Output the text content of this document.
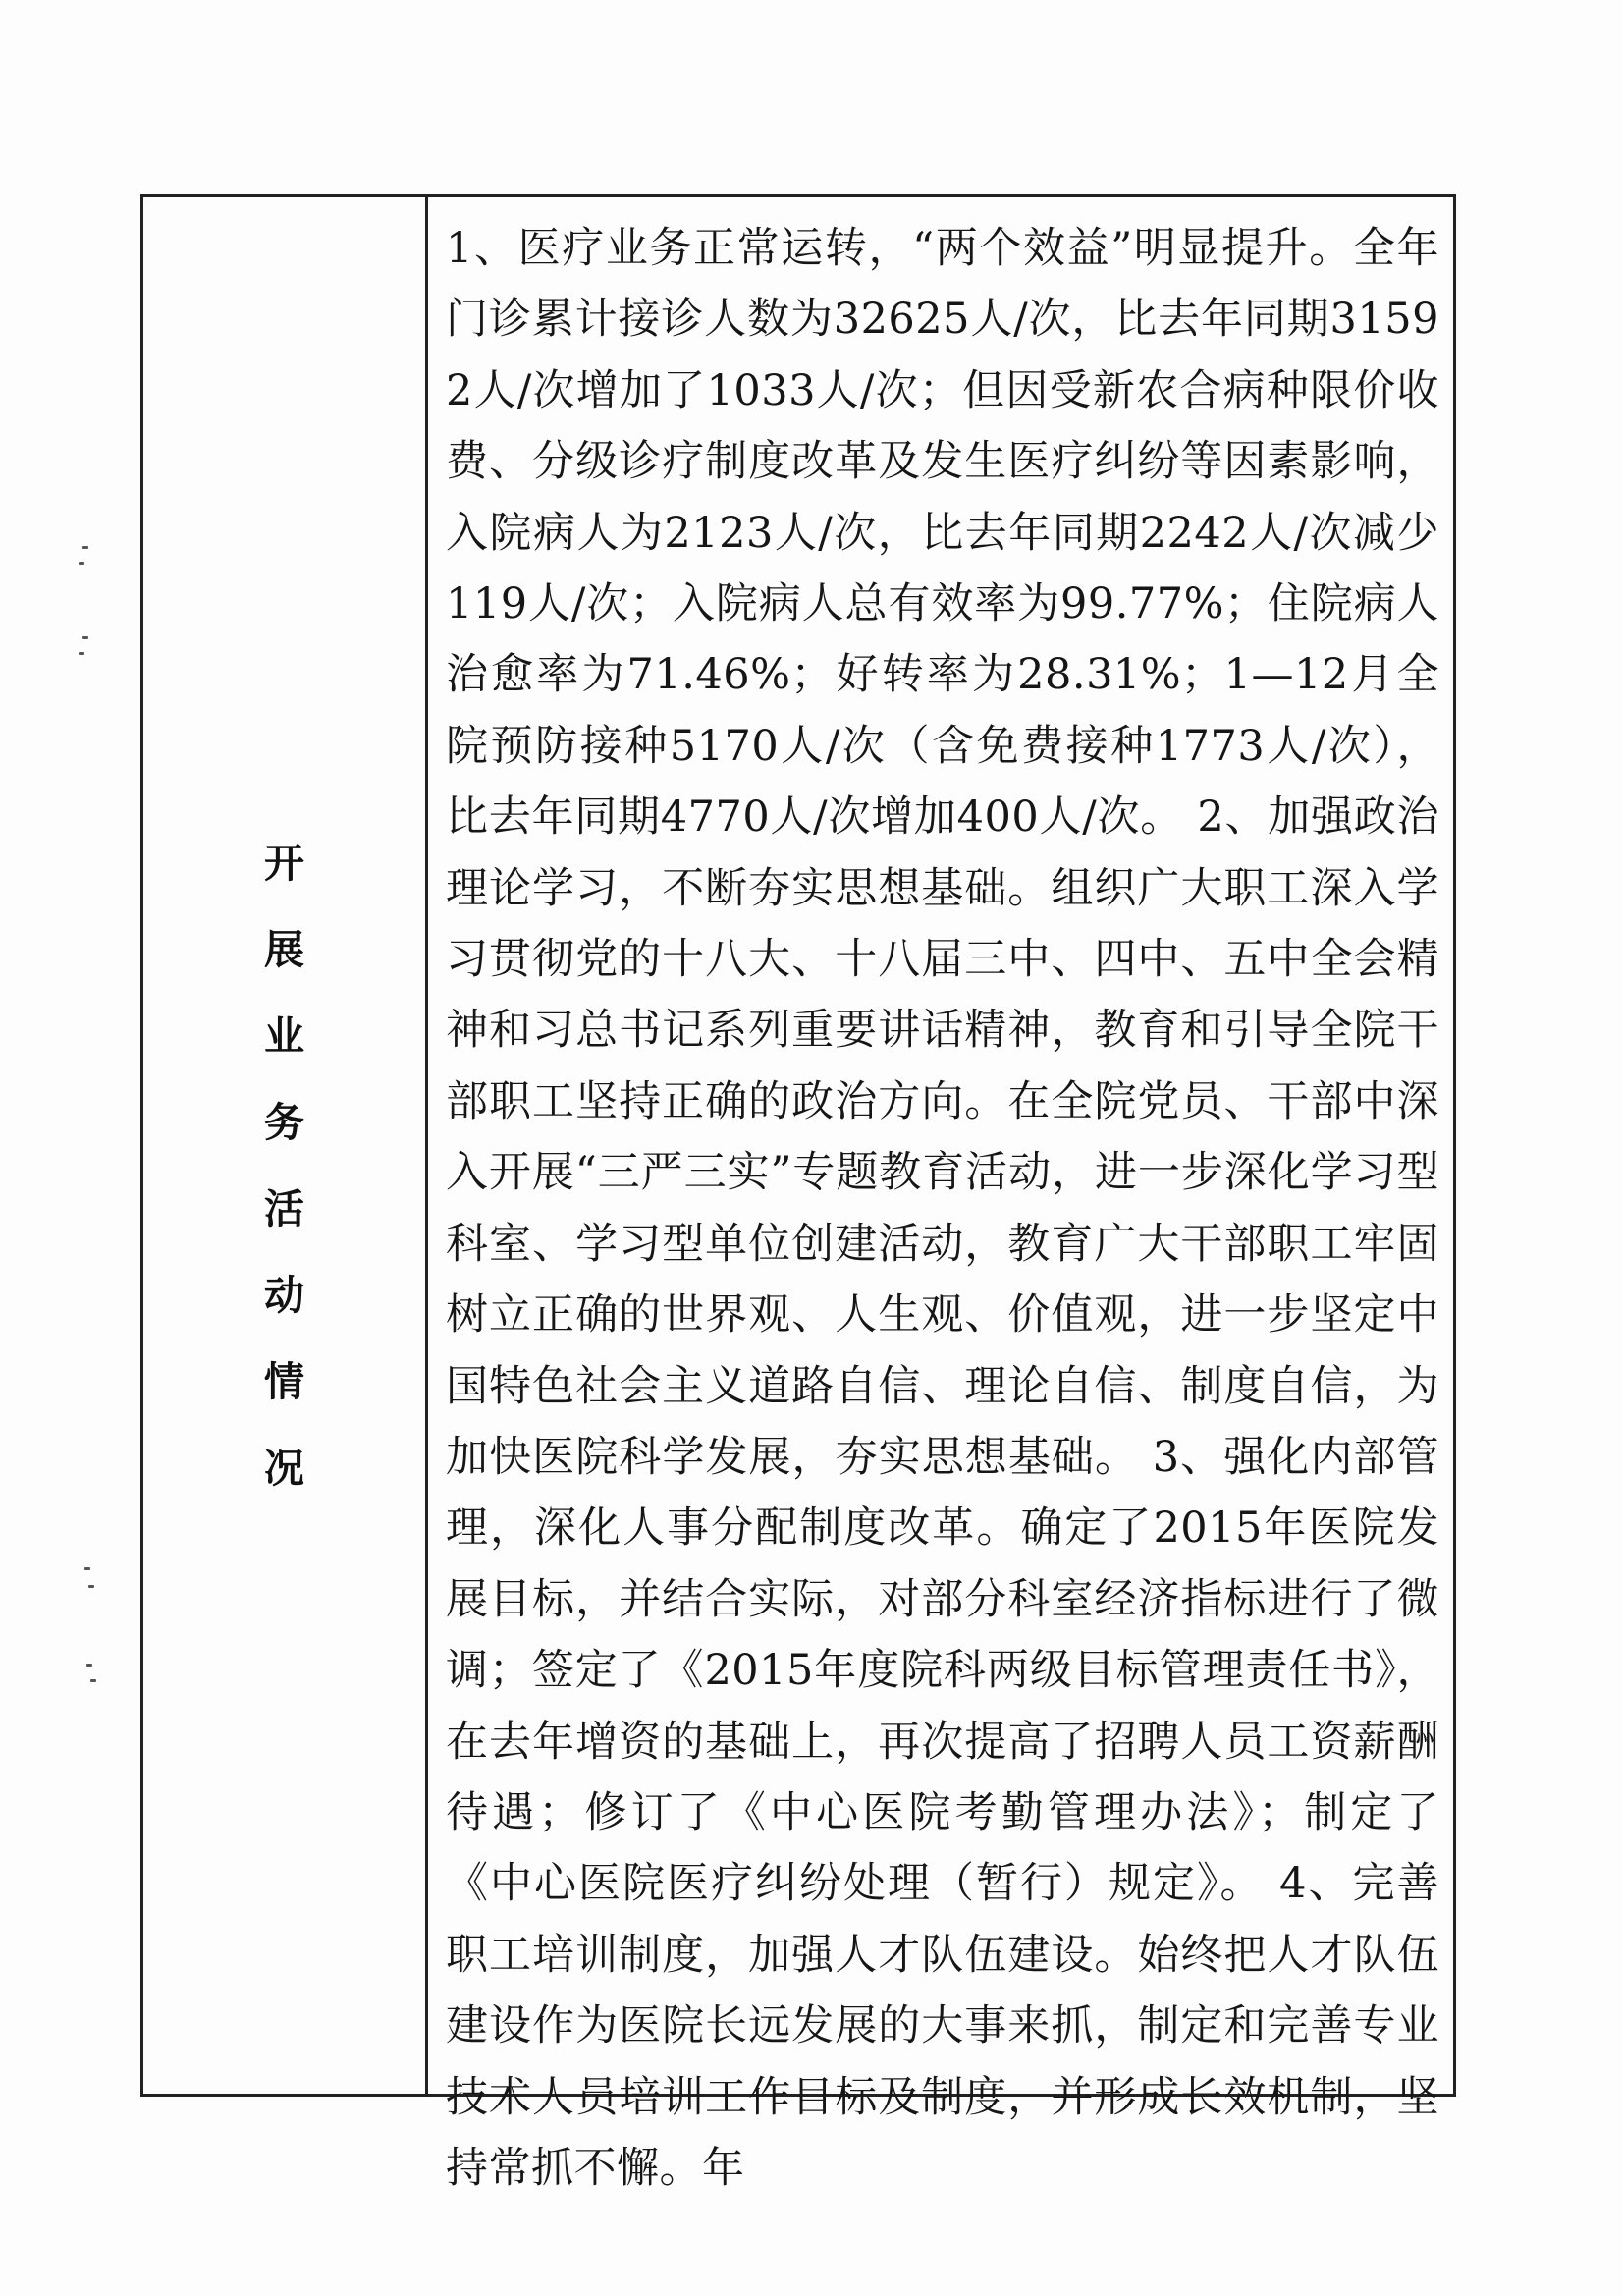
开
展
业
务
活
动
情
况

1、医疗业务正常运转，“两个效益”明显提升。全年门诊累计接诊人数为32625人/次，比去年同期31592人/次增加了1033人/次；但因受新农合病种限价收费、分级诊疗制度改革及发生医疗纠纷等因素影响，入院病人为2123人/次，比去年同期2242人/次减少119人/次；入院病人总有效率为99.77%；住院病人治愈率为71.46%；好转率为28.31%；1—12月全院预防接种5170人/次（含免费接种1773人/次），比去年同期4770人/次增加400人/次。 2、加强政治理论学习，不断夯实思想基础。组织广大职工深入学习贯彻党的十八大、十八届三中、四中、五中全会精神和习总书记系列重要讲话精神，教育和引导全院干部职工坚持正确的政治方向。在全院党员、干部中深入开展“三严三实”专题教育活动，进一步深化学习型科室、学习型单位创建活动，教育广大干部职工牢固树立正确的世界观、人生观、价值观，进一步坚定中国特色社会主义道路自信、理论自信、制度自信，为加快医院科学发展，夯实思想基础。 3、强化内部管理，深化人事分配制度改革。确定了2015年医院发展目标，并结合实际，对部分科室经济指标进行了微调；签定了《2015年度院科两级目标管理责任书》，在去年增资的基础上，再次提高了招聘人员工资薪酬待遇；修订了《中心医院考勤管理办法》；制定了《中心医院医疗纠纷处理（暂行）规定》。 4、完善职工培训制度，加强人才队伍建设。始终把人才队伍建设作为医院长远发展的大事来抓，制定和完善专业技术人员培训工作目标及制度，并形成长效机制，坚持常抓不懈。年
